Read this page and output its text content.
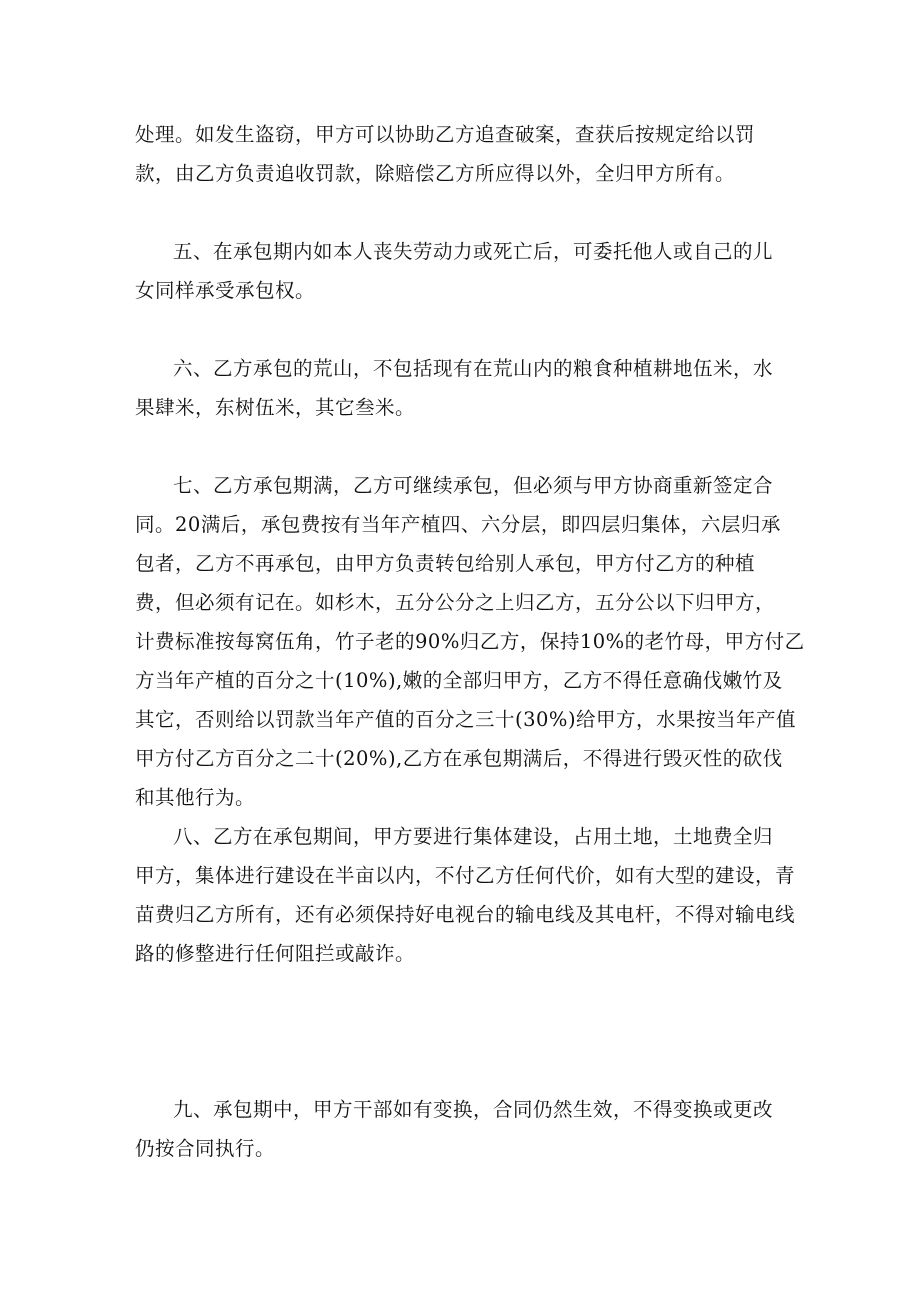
处理。如发生盗窃，甲方可以协助乙方追查破案，查获后按规定给以罚
款，由乙方负责追收罚款，除赔偿乙方所应得以外，全归甲方所有。

五、在承包期内如本人丧失劳动力或死亡后，可委托他人或自己的儿
女同样承受承包权。

六、乙方承包的荒山，不包括现有在荒山内的粮食种植耕地伍米，水
果肆米，东树伍米，其它叁米。

七、乙方承包期满，乙方可继续承包，但必须与甲方协商重新签定合
同。20满后，承包费按有当年产植四、六分层，即四层归集体，六层归承
包者，乙方不再承包，由甲方负责转包给别人承包，甲方付乙方的种植
费，但必须有记在。如杉木，五分公分之上归乙方，五分公以下归甲方，
计费标准按每窝伍角，竹子老的90%归乙方，保持10%的老竹母，甲方付乙
方当年产植的百分之十(10%),嫩的全部归甲方，乙方不得任意确伐嫩竹及
其它，否则给以罚款当年产值的百分之三十(30%)给甲方，水果按当年产值
甲方付乙方百分之二十(20%),乙方在承包期满后，不得进行毁灭性的砍伐
和其他行为。

八、乙方在承包期间，甲方要进行集体建设，占用土地，土地费全归
甲方，集体进行建设在半亩以内，不付乙方任何代价，如有大型的建设，青
苗费归乙方所有，还有必须保持好电视台的输电线及其电杆，不得对输电线
路的修整进行任何阻拦或敲诈。

九、承包期中，甲方干部如有变换，合同仍然生效，不得变换或更改
仍按合同执行。
